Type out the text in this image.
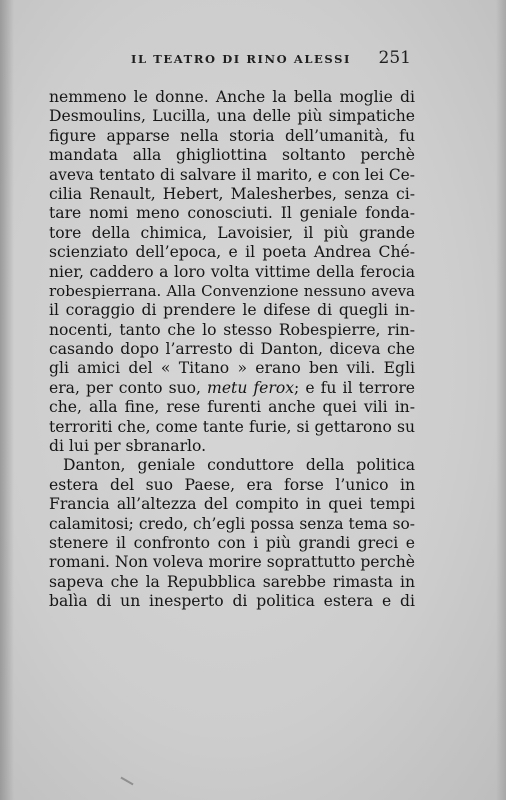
IL TEATRO DI RINO ALESSI 251
nemmeno le donne. Anche la bella moglie di
Desmoulins, Lucilla, una delle più simpatiche
figure apparse nella storia dell’umanità, fu
mandata alla ghigliottina soltanto perchè
aveva tentato di salvare il marito, e con lei Ce-
cilia Renault, Hebert, Malesherbes, senza ci-
tare nomi meno conosciuti. Il geniale fonda-
tore della chimica, Lavoisier, il più grande
scienziato dell’epoca, e il poeta Andrea Ché-
nier, caddero a loro volta vittime della ferocia
robespierrana. Alla Convenzione nessuno aveva
il coraggio di prendere le difese di quegli in-
nocenti, tanto che lo stesso Robespierre, rin-
casando dopo l’arresto di Danton, diceva che
gli amici del « Titano » erano ben vili. Egli
era, per conto suo, metu ferox; e fu il terrore
che, alla fine, rese furenti anche quei vili in-
terroriti che, come tante furie, si gettarono su
di lui per sbranarlo.
Danton, geniale conduttore della politica
estera del suo Paese, era forse l’unico in
Francia all’altezza del compito in quei tempi
calamitosi; credo, ch’egli possa senza tema so-
stenere il confronto con i più grandi greci e
romani. Non voleva morire soprattutto perchè
sapeva che la Repubblica sarebbe rimasta in
balìa di un inesperto di politica estera e di
